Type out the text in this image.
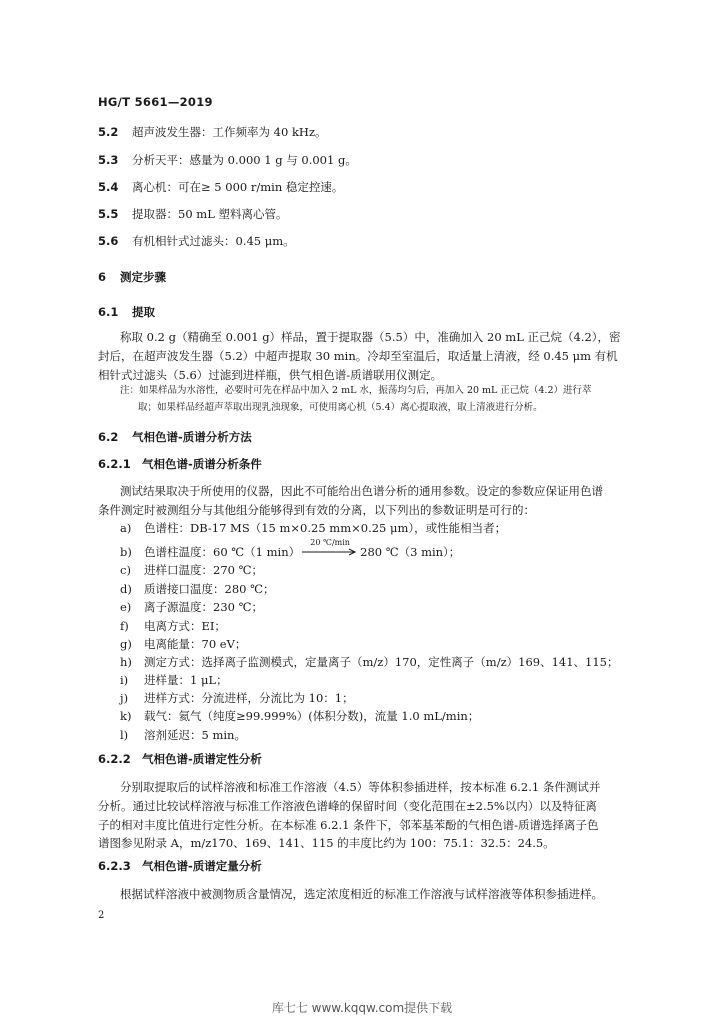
HG/T 5661—2019
5.2 超声波发生器：工作频率为 40 kHz。
5.3 分析天平：感量为 0.000 1 g 与 0.001 g。
5.4 离心机：可在≥ 5 000 r/min 稳定控速。
5.5 提取器：50 mL 塑料离心管。
5.6 有机相针式过滤头：0.45 μm。
6 测定步骤
6.1 提取
称取 0.2 g（精确至 0.001 g）样品，置于提取器（5.5）中，准确加入 20 mL 正己烷（4.2），密
封后，在超声波发生器（5.2）中超声提取 30 min。冷却至室温后，取适量上清液，经 0.45 μm 有机
相针式过滤头（5.6）过滤到进样瓶，供气相色谱-质谱联用仪测定。
注：如果样品为水溶性，必要时可先在样品中加入 2 mL 水，振荡均匀后，再加入 20 mL 正己烷（4.2）进行萃
取；如果样品经超声萃取出现乳浊现象，可使用离心机（5.4）离心提取液，取上清液进行分析。
6.2 气相色谱-质谱分析方法
6.2.1 气相色谱-质谱分析条件
测试结果取决于所使用的仪器，因此不可能给出色谱分析的通用参数。设定的参数应保证用色谱
条件测定时被测组分与其他组分能够得到有效的分离，以下列出的参数证明是可行的：
a) 色谱柱：DB-17 MS（15 m×0.25 mm×0.25 μm），或性能相当者；
b) 色谱柱温度：60 ℃（1 min）
20 ℃/min
280 ℃（3 min）；
c) 进样口温度：270 ℃；
d) 质谱接口温度：280 ℃；
e) 离子源温度：230 ℃；
f) 电离方式：EI；
g) 电离能量：70 eV；
h) 测定方式：选择离子监测模式，定量离子（m/z）170，定性离子（m/z）169、141、115；
i) 进样量：1 μL；
j) 进样方式：分流进样，分流比为 10：1；
k) 载气：氦气（纯度≥99.999%）(体积分数)，流量 1.0 mL/min；
l) 溶剂延迟：5 min。
6.2.2 气相色谱-质谱定性分析
分别取提取后的试样溶液和标准工作溶液（4.5）等体积参插进样，按本标准 6.2.1 条件测试并
分析。通过比较试样溶液与标准工作溶液色谱峰的保留时间（变化范围在±2.5%以内）以及特征离
子的相对丰度比值进行定性分析。在本标准 6.2.1 条件下，邻苯基苯酚的气相色谱-质谱选择离子色
谱图参见附录 A，m/z170、169、141、115 的丰度比约为 100：75.1：32.5：24.5。
6.2.3 气相色谱-质谱定量分析
根据试样溶液中被测物质含量情况，选定浓度相近的标准工作溶液与试样溶液等体积参插进样。
2
库七七 www.kqqw.com提供下载
